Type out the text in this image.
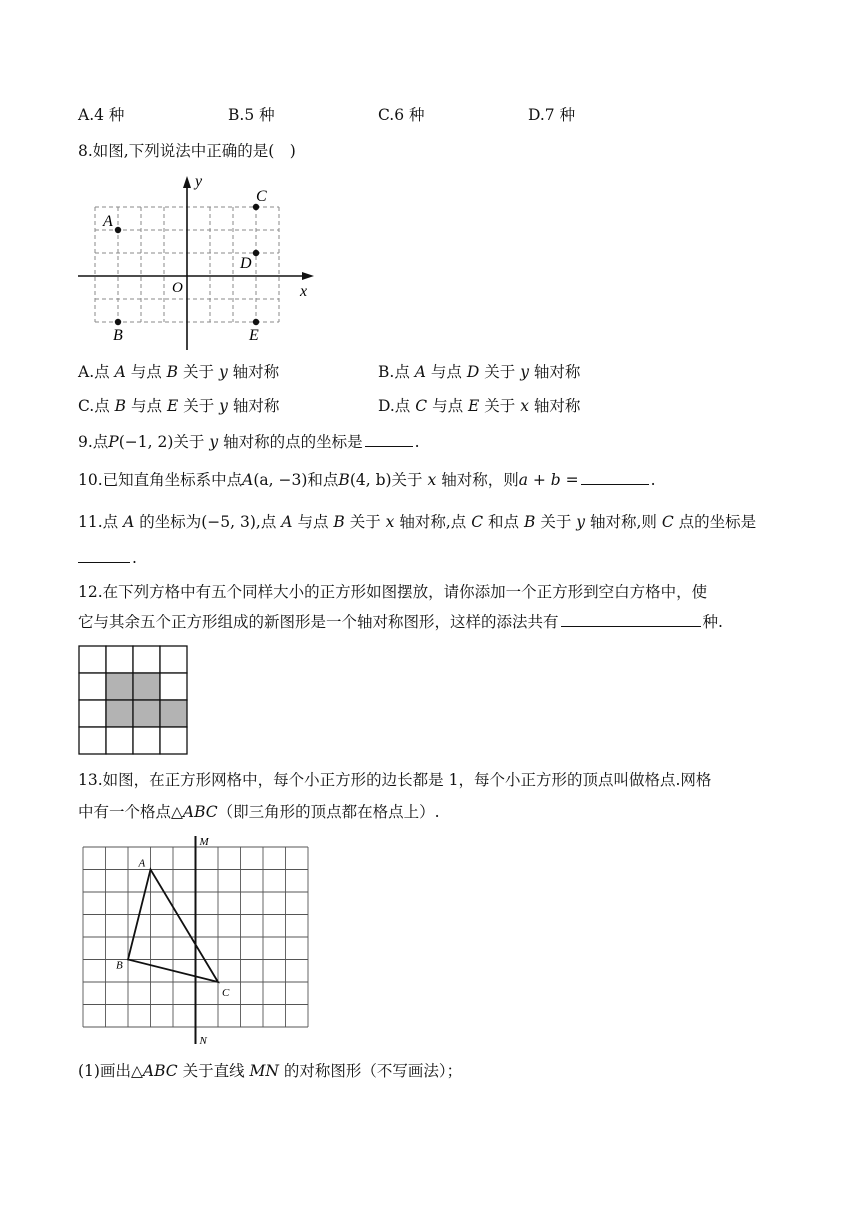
A.4 种	B.5 种	C.6 种	D.7 种
8.如图,下列说法中正确的是(　)
x
y
O
A
B
C
D
E
A.点 A 与点 B 关于 y 轴对称	B.点 A 与点 D 关于 y 轴对称
C.点 B 与点 E 关于 y 轴对称	D.点 C 与点 E 关于 x 轴对称
9.点P(−1, 2)关于 y 轴对称的点的坐标是	.
10.已知直角坐标系中点A(a, −3)和点B(4, b)关于 x 轴对称，则a + b =	.
11.点 A 的坐标为(−5, 3),点 A 与点 B 关于 x 轴对称,点 C 和点 B 关于 y 轴对称,则 C 点的坐标是
.
12.在下列方格中有五个同样大小的正方形如图摆放，请你添加一个正方形到空白方格中，使
它与其余五个正方形组成的新图形是一个轴对称图形，这样的添法共有	种.
13.如图，在正方形网格中，每个小正方形的边长都是 1，每个小正方形的顶点叫做格点.网格
中有一个格点△ABC（即三角形的顶点都在格点上）.
M
N
A
B
C
(1)画出△ABC 关于直线 MN 的对称图形（不写画法）；
